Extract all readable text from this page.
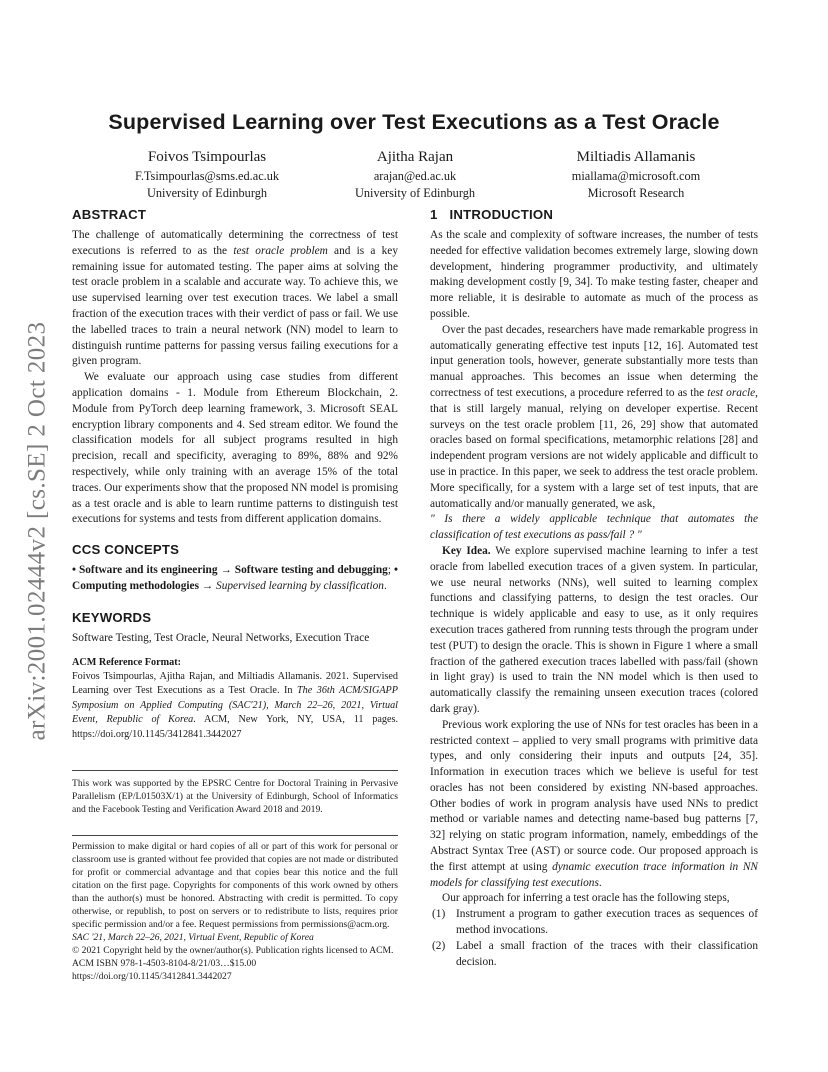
arXiv:2001.02444v2 [cs.SE] 2 Oct 2023
Supervised Learning over Test Executions as a Test Oracle
Foivos Tsimpourlas
F.Tsimpourlas@sms.ed.ac.uk
University of Edinburgh
Ajitha Rajan
arajan@ed.ac.uk
University of Edinburgh
Miltiadis Allamanis
miallama@microsoft.com
Microsoft Research
ABSTRACT

The challenge of automatically determining the correctness of test executions is referred to as the test oracle problem and is a key remaining issue for automated testing. The paper aims at solving the test oracle problem in a scalable and accurate way. To achieve this, we use supervised learning over test execution traces. We label a small fraction of the execution traces with their verdict of pass or fail. We use the labelled traces to train a neural network (NN) model to learn to distinguish runtime patterns for passing versus failing executions for a given program.

We evaluate our approach using case studies from different application domains - 1. Module from Ethereum Blockchain, 2. Module from PyTorch deep learning framework, 3. Microsoft SEAL encryption library components and 4. Sed stream editor. We found the classification models for all subject programs resulted in high precision, recall and specificity, averaging to 89%, 88% and 92% respectively, while only training with an average 15% of the total traces. Our experiments show that the proposed NN model is promising as a test oracle and is able to learn runtime patterns to distinguish test executions for systems and tests from different application domains.

CCS CONCEPTS

• Software and its engineering → Software testing and debugging; • Computing methodologies → Supervised learning by classification.

KEYWORDS

Software Testing, Test Oracle, Neural Networks, Execution Trace

ACM Reference Format:

Foivos Tsimpourlas, Ajitha Rajan, and Miltiadis Allamanis. 2021. Supervised Learning over Test Executions as a Test Oracle. In The 36th ACM/SIGAPP Symposium on Applied Computing (SAC'21), March 22–26, 2021, Virtual Event, Republic of Korea. ACM, New York, NY, USA, 11 pages. https://doi.org/10.1145/3412841.3442027

This work was supported by the EPSRC Centre for Doctoral Training in Pervasive Parallelism (EP/L01503X/1) at the University of Edinburgh, School of Informatics and the Facebook Testing and Verification Award 2018 and 2019.

Permission to make digital or hard copies of all or part of this work for personal or classroom use is granted without fee provided that copies are not made or distributed for profit or commercial advantage and that copies bear this notice and the full citation on the first page. Copyrights for components of this work owned by others than the author(s) must be honored. Abstracting with credit is permitted. To copy otherwise, or republish, to post on servers or to redistribute to lists, requires prior specific permission and/or a fee. Request permissions from permissions@acm.org.

SAC '21, March 22–26, 2021, Virtual Event, Republic of Korea
© 2021 Copyright held by the owner/author(s). Publication rights licensed to ACM.
ACM ISBN 978-1-4503-8104-8/21/03…$15.00
https://doi.org/10.1145/3412841.3442027
1 INTRODUCTION

As the scale and complexity of software increases, the number of tests needed for effective validation becomes extremely large, slowing down development, hindering programmer productivity, and ultimately making development costly [9, 34]. To make testing faster, cheaper and more reliable, it is desirable to automate as much of the process as possible.

Over the past decades, researchers have made remarkable progress in automatically generating effective test inputs [12, 16]. Automated test input generation tools, however, generate substantially more tests than manual approaches. This becomes an issue when determing the correctness of test executions, a procedure referred to as the test oracle, that is still largely manual, relying on developer expertise. Recent surveys on the test oracle problem [11, 26, 29] show that automated oracles based on formal specifications, metamorphic relations [28] and independent program versions are not widely applicable and difficult to use in practice. In this paper, we seek to address the test oracle problem. More specifically, for a system with a large set of test inputs, that are automatically and/or manually generated, we ask,

" Is there a widely applicable technique that automates the classification of test executions as pass/fail ? "

Key Idea. We explore supervised machine learning to infer a test oracle from labelled execution traces of a given system. In particular, we use neural networks (NNs), well suited to learning complex functions and classifying patterns, to design the test oracles. Our technique is widely applicable and easy to use, as it only requires execution traces gathered from running tests through the program under test (PUT) to design the oracle. This is shown in Figure 1 where a small fraction of the gathered execution traces labelled with pass/fail (shown in light gray) is used to train the NN model which is then used to automatically classify the remaining unseen execution traces (colored dark gray).

Previous work exploring the use of NNs for test oracles has been in a restricted context – applied to very small programs with primitive data types, and only considering their inputs and outputs [24, 35]. Information in execution traces which we believe is useful for test oracles has not been considered by existing NN-based approaches. Other bodies of work in program analysis have used NNs to predict method or variable names and detecting name-based bug patterns [7, 32] relying on static program information, namely, embeddings of the Abstract Syntax Tree (AST) or source code. Our proposed approach is the first attempt at using dynamic execution trace information in NN models for classifying test executions.

Our approach for inferring a test oracle has the following steps,

(1) Instrument a program to gather execution traces as sequences of method invocations.
(2) Label a small fraction of the traces with their classification decision.
